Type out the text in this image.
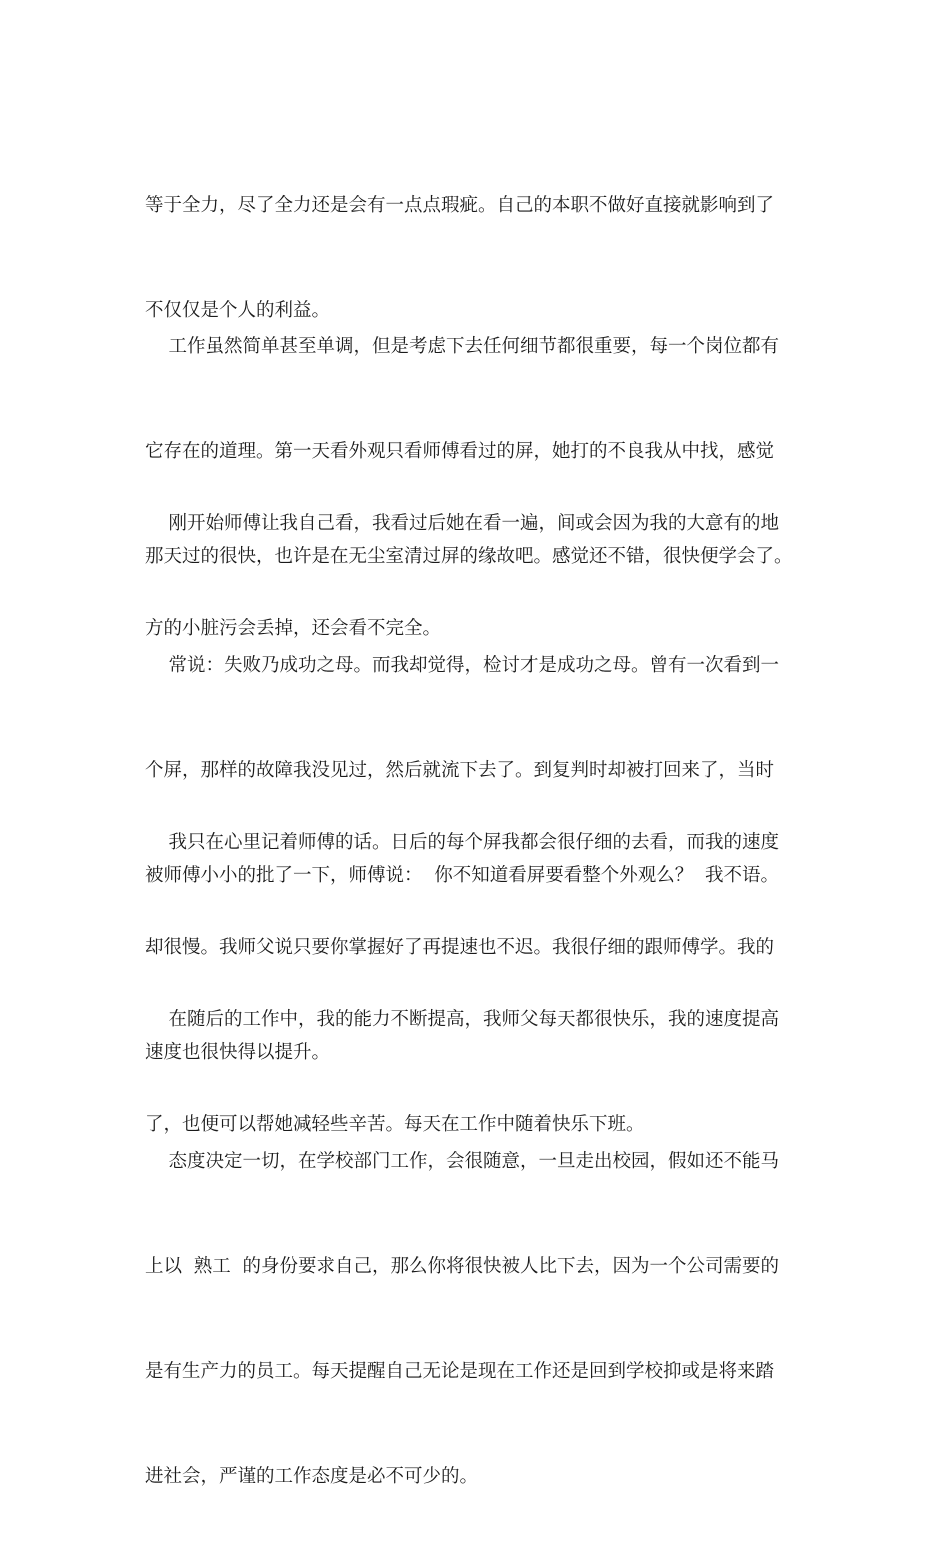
等于全力，尽了全力还是会有一点点瑕疵。自己的本职不做好直接就影响到了

不仅仅是个人的利益。

工作虽然简单甚至单调，但是考虑下去任何细节都很重要，每一个岗位都有

它存在的道理。第一天看外观只看师傅看过的屏，她打的不良我从中找，感觉

那天过的很快，也许是在无尘室清过屏的缘故吧。感觉还不错，很快便学会了。

刚开始师傅让我自己看，我看过后她在看一遍，间或会因为我的大意有的地

方的小脏污会丢掉，还会看不完全。

常说：失败乃成功之母。而我却觉得，检讨才是成功之母。曾有一次看到一

个屏，那样的故障我没见过，然后就流下去了。到复判时却被打回来了，当时

被师傅小小的批了一下，师傅说：  你不知道看屏要看整个外观么？  我不语。

我只在心里记着师傅的话。日后的每个屏我都会很仔细的去看，而我的速度

却很慢。我师父说只要你掌握好了再提速也不迟。我很仔细的跟师傅学。我的

速度也很快得以提升。

在随后的工作中，我的能力不断提高，我师父每天都很快乐，我的速度提高

了，也便可以帮她减轻些辛苦。每天在工作中随着快乐下班。

态度决定一切，在学校部门工作，会很随意，一旦走出校园，假如还不能马

上以  熟工  的身份要求自己，那么你将很快被人比下去，因为一个公司需要的

是有生产力的员工。每天提醒自己无论是现在工作还是回到学校抑或是将来踏

进社会，严谨的工作态度是必不可少的。
